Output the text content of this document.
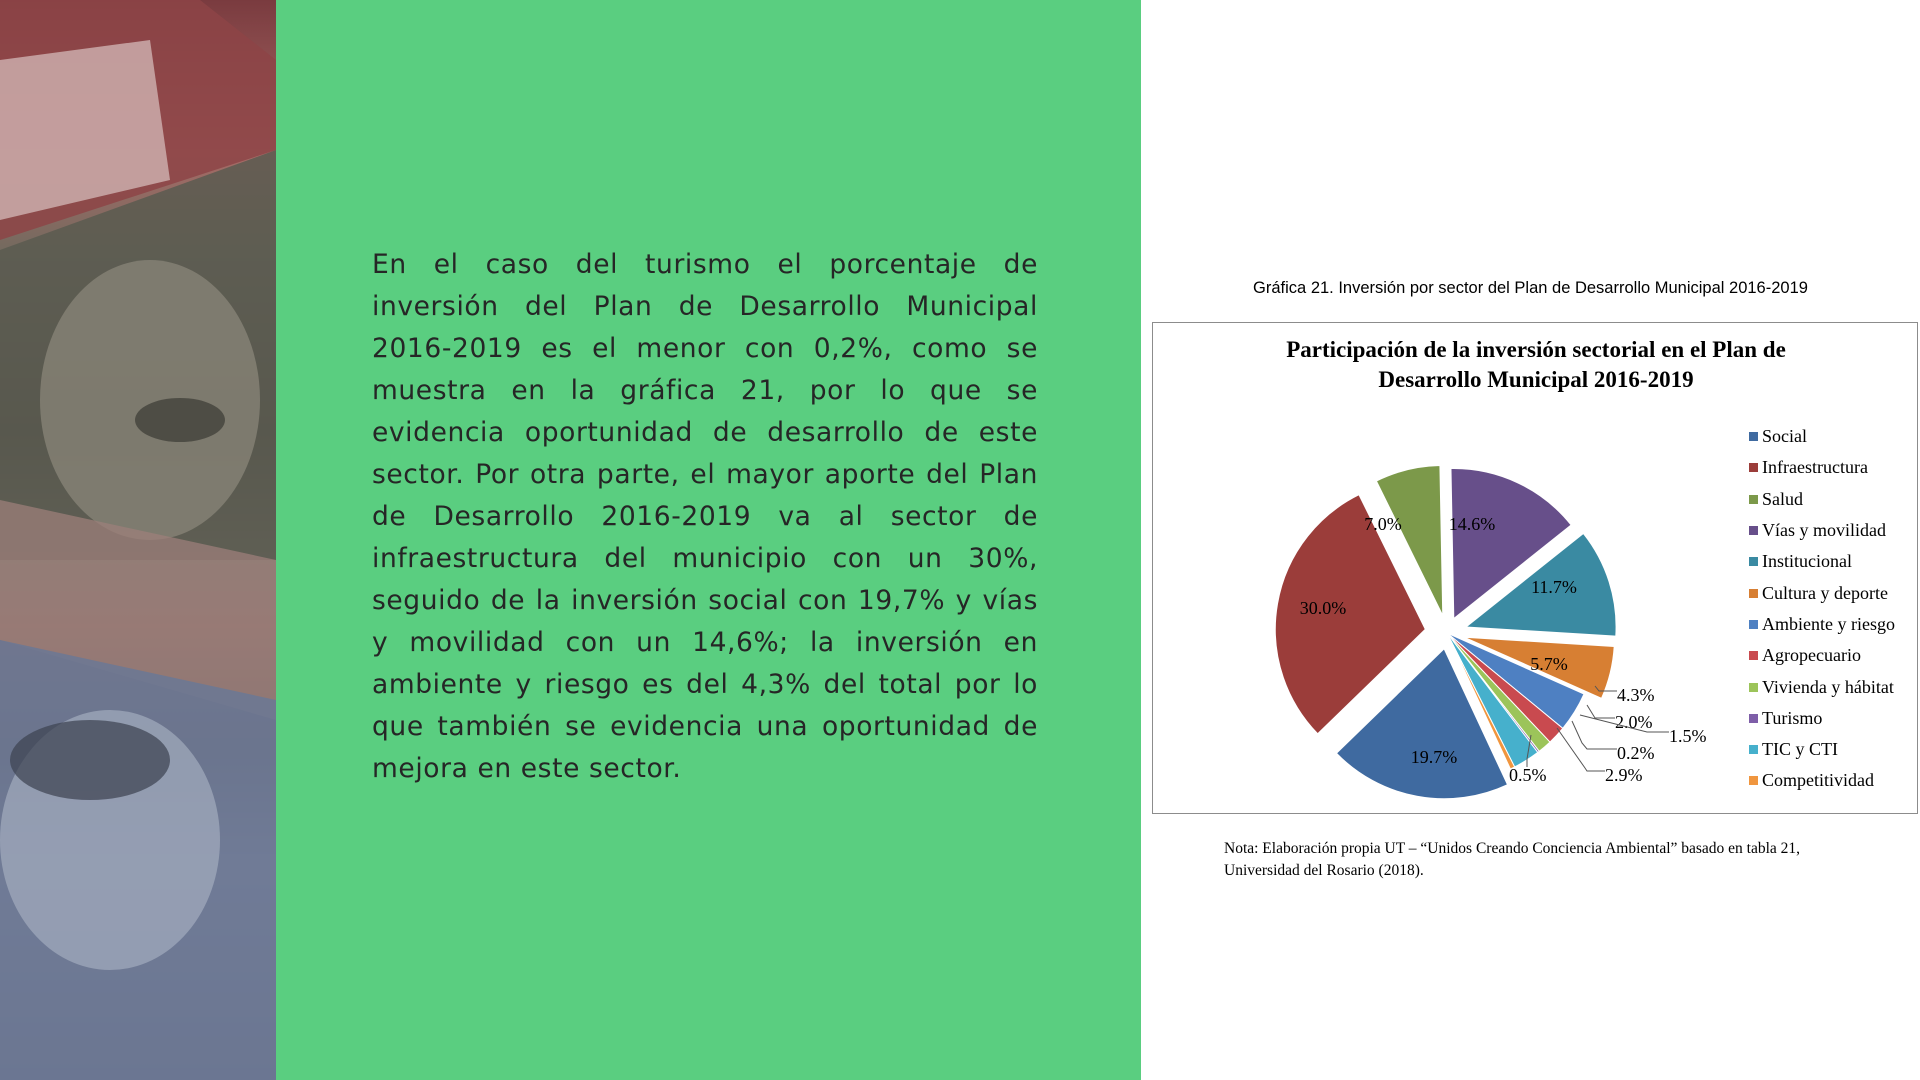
En el caso del turismo el porcentaje de inversión del Plan de Desarrollo Municipal 2016-2019 es el menor con 0,2%, como se muestra en la gráfica 21, por lo que se evidencia oportunidad de desarrollo de este sector. Por otra parte, el mayor aporte del Plan de Desarrollo 2016-2019 va al sector de infraestructura del municipio con un 30%, seguido de la inversión social con 19,7% y vías y movilidad con un 14,6%; la inversión en ambiente y riesgo es del 4,3% del total por lo que también se evidencia una oportunidad de mejora en este sector.

Gráfica 21. Inversión por sector del Plan de Desarrollo Municipal 2016-2019
Participación de la inversión sectorial en el Plan de
Desarrollo Municipal 2016-2019
19.7%
30.0%
7.0%	14.6%
11.7%
5.7%
4.3%
2.0%
1.5%
0.2%
2.9%
0.5%
Social
Infraestructura
Salud
Vías y movilidad
Institucional
Cultura y deporte
Ambiente y riesgo
Agropecuario
Vivienda y hábitat
Turismo
TIC y CTI
Competitividad
Nota: Elaboración propia UT – “Unidos Creando Conciencia Ambiental” basado en tabla 21, Universidad del Rosario (2018).
